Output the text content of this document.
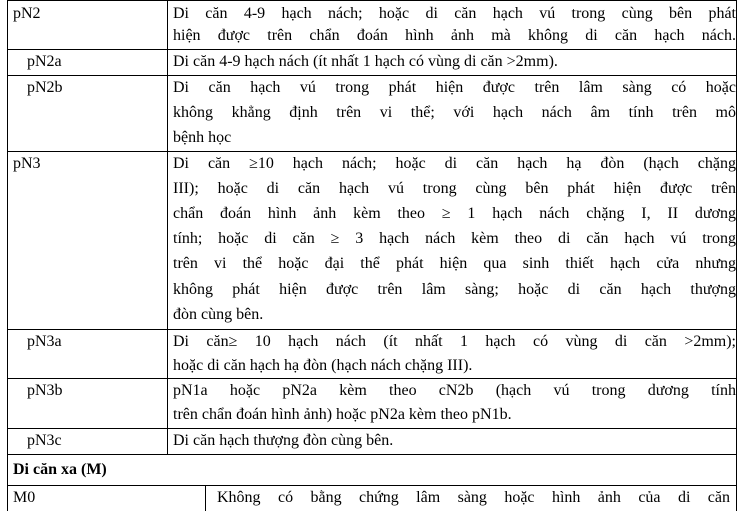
pN2	Di căn 4-9 hạch nách; hoặc di căn hạch vú trong cùng bên phát
hiện được trên chẩn đoán hình ảnh mà không di căn hạch nách.
pN2a	Di căn 4-9 hạch nách (ít nhất 1 hạch có vùng di căn >2mm).
pN2b	Di căn hạch vú trong phát hiện được trên lâm sàng có hoặc
không khẳng định trên vi thể; với hạch nách âm tính trên mô
bệnh học
pN3	Di căn ≥10 hạch nách; hoặc di căn hạch hạ đòn (hạch chặng
III); hoặc di căn hạch vú trong cùng bên phát hiện được trên
chẩn đoán hình ảnh kèm theo ≥ 1 hạch nách chặng I, II dương
tính; hoặc di căn ≥ 3 hạch nách kèm theo di căn hạch vú trong
trên vi thể hoặc đại thể phát hiện qua sinh thiết hạch cửa nhưng
không phát hiện được trên lâm sàng; hoặc di căn hạch thượng
đòn cùng bên.
pN3a	Di căn≥ 10 hạch nách (ít nhất 1 hạch có vùng di căn >2mm);
hoặc di căn hạch hạ đòn (hạch nách chặng III).
pN3b	pN1a hoặc pN2a kèm theo cN2b (hạch vú trong dương tính
trên chẩn đoán hình ảnh) hoặc pN2a kèm theo pN1b.
pN3c	Di căn hạch thượng đòn cùng bên.
Di căn xa (M)
M0	Không có bằng chứng lâm sàng hoặc hình ảnh của di căn
